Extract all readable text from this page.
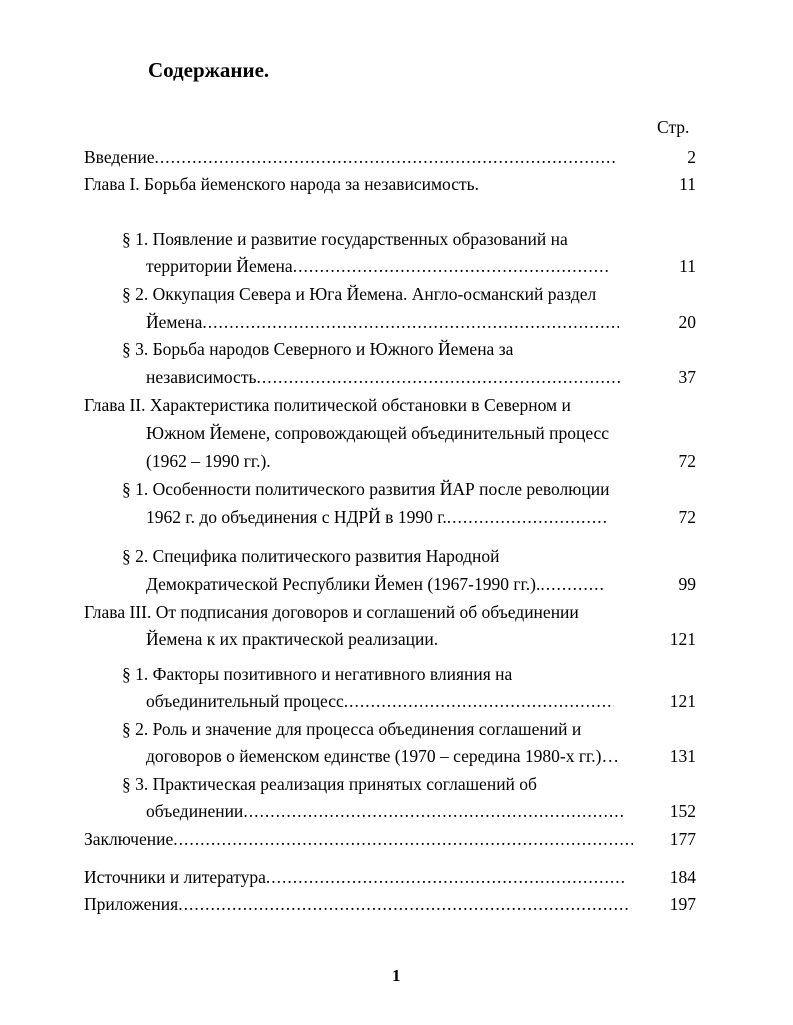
Содержание.
Стр.
Введение .....	2
Глава I. Борьба йеменского народа за независимость.	11
§ 1. Появление и развитие государственных образований на
территории Йемена .....	11
§ 2. Оккупация Севера и Юга Йемена. Англо-османский раздел
Йемена .....	20
§ 3. Борьба народов Северного и Южного Йемена за
независимость .....	37
Глава II. Характеристика политической обстановки в Северном и
Южном Йемене, сопровождающей объединительный процесс
(1962 – 1990 гг.).	72
§ 1. Особенности политического развития ЙАР после революции
1962 г. до объединения с НДРЙ в 1990 г. .....	72
§ 2. Специфика политического развития Народной
Демократической Республики Йемен (1967-1990 гг.). .....	99
Глава III. От подписания договоров и соглашений об объединении
Йемена к их практической реализации.	121
§ 1. Факторы позитивного и негативного влияния на
объединительный процесс .....	121
§ 2. Роль и значение для процесса объединения соглашений и
договоров о йеменском единстве (1970 – середина 1980-х гг.)…	131
§ 3. Практическая реализация принятых соглашений об
объединении .....	152
Заключение .....	177
Источники и литература .....	184
Приложения .....	197
1
